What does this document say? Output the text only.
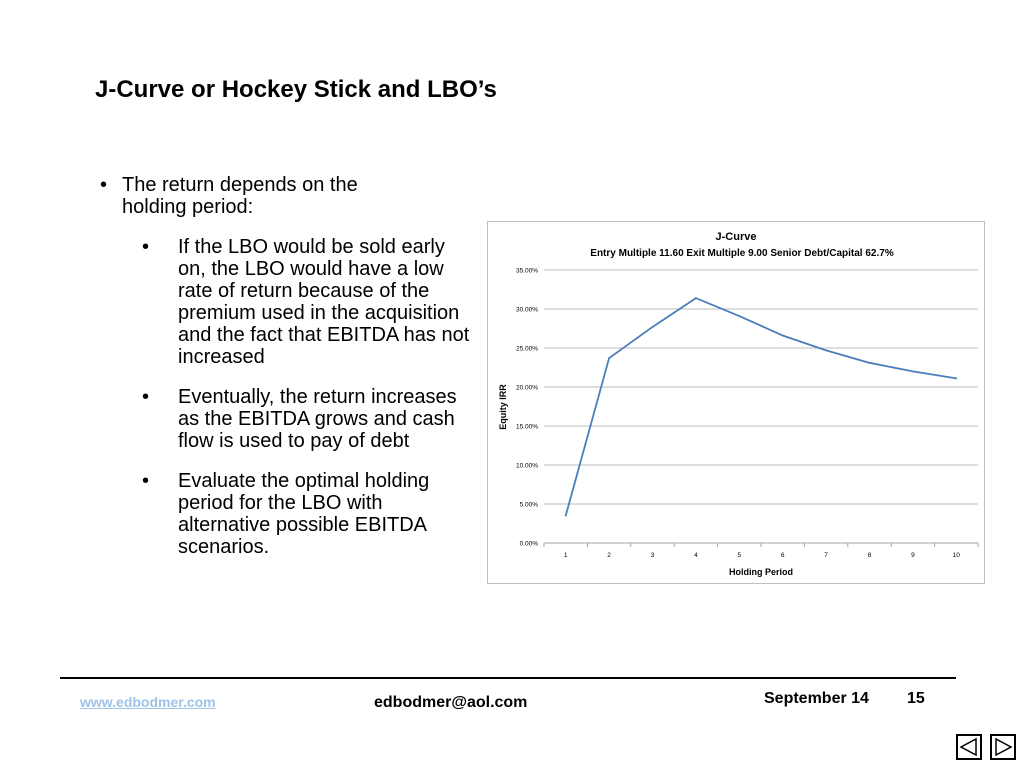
J-Curve or Hockey Stick and LBO’s
• The return depends on the holding period:
• If the LBO would be sold early on, the LBO would have a low rate of return because of the premium used in the acquisition and the fact that EBITDA has not increased
• Eventually, the return increases as the EBITDA grows and cash flow is used to pay of debt
• Evaluate the optimal holding period for the LBO with alternative possible EBITDA scenarios.
J-Curve
Entry Multiple 11.60 Exit Multiple 9.00 Senior Debt/Capital 62.7%
Holding Period
Equity IRR
0.00%
5.00%
10.00%
15.00%
20.00%
25.00%
30.00%
35.00%
1	2	3	4	5	6	7	8	9	10
www.edbodmer.com	edbodmer@aol.com	September 14 15
